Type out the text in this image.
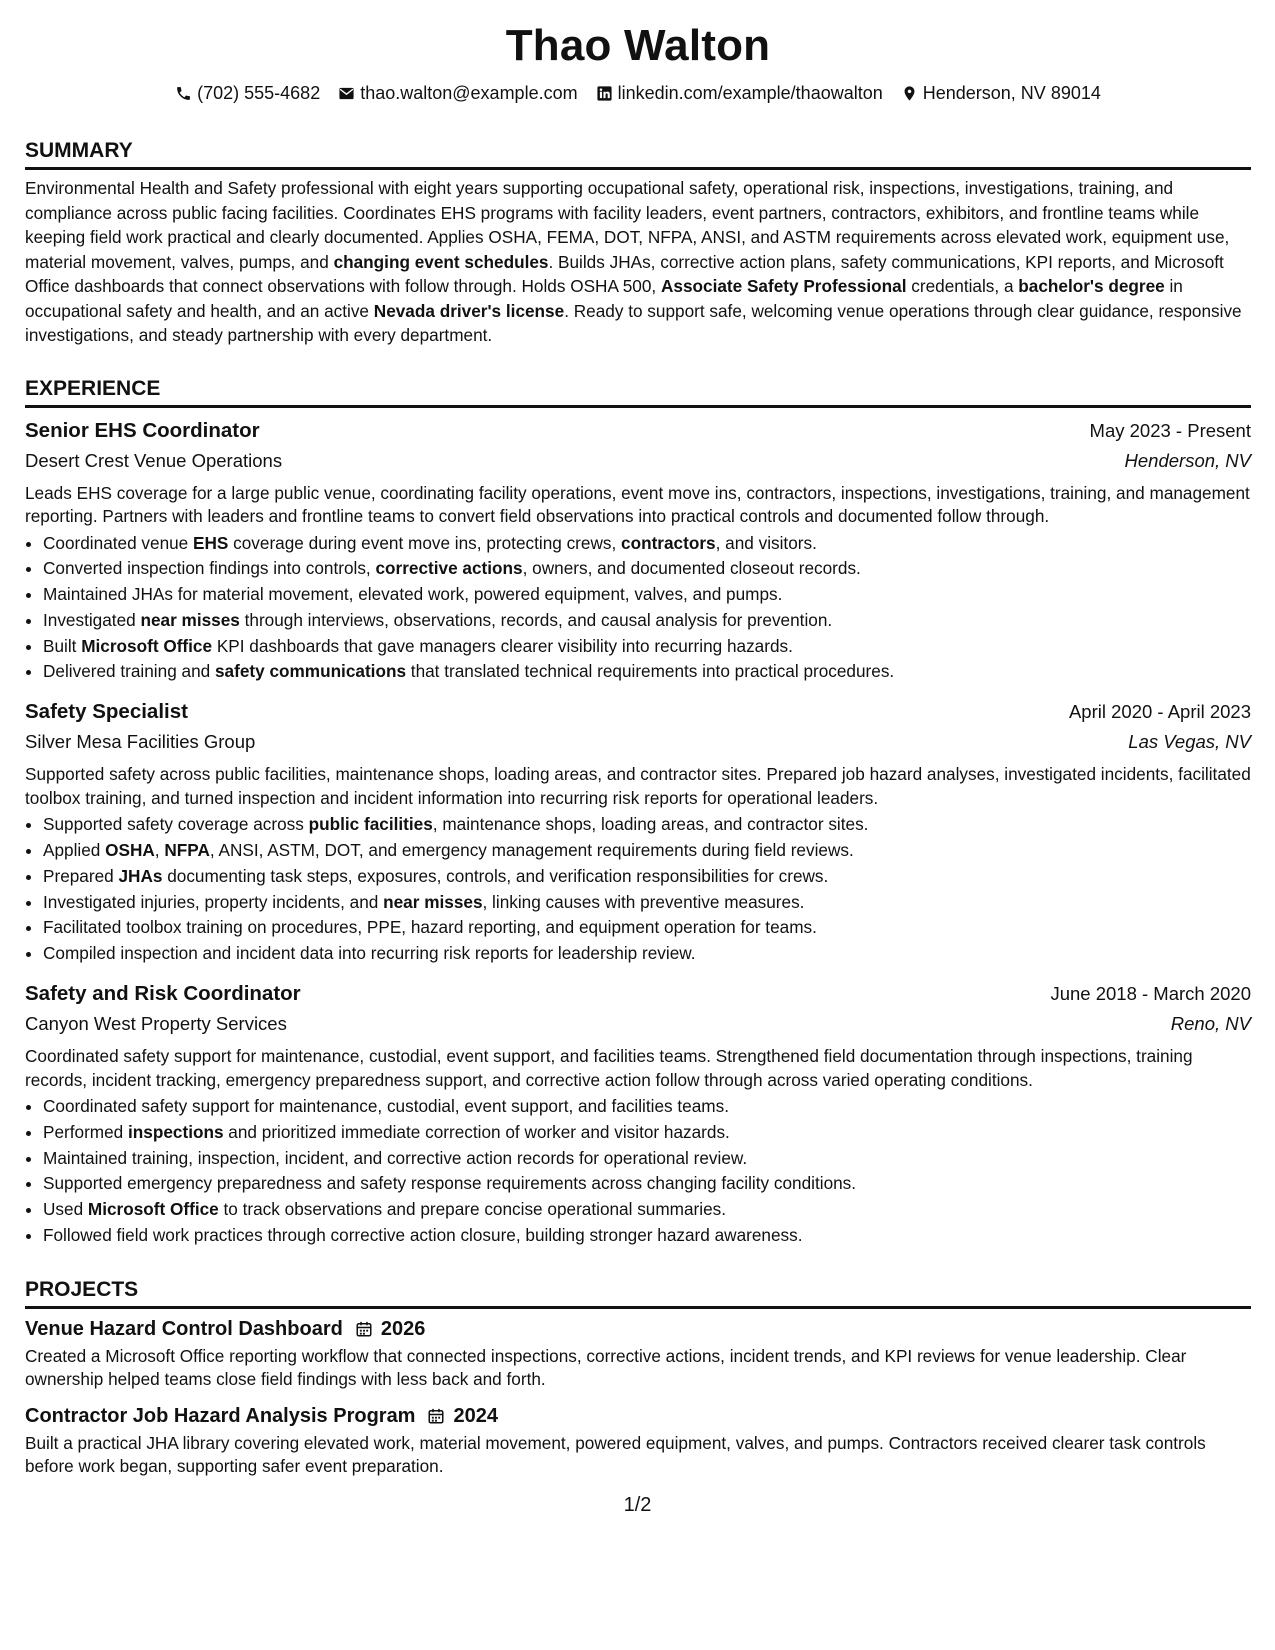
Thao Walton
(702) 555-4682 thao.walton@example.com linkedin.com/example/thaowalton Henderson, NV 89014
SUMMARY

Environmental Health and Safety professional with eight years supporting occupational safety, operational risk, inspections, investigations, training, and compliance across public facing facilities. Coordinates EHS programs with facility leaders, event partners, contractors, exhibitors, and frontline teams while keeping field work practical and clearly documented. Applies OSHA, FEMA, DOT, NFPA, ANSI, and ASTM requirements across elevated work, equipment use, material movement, valves, pumps, and changing event schedules. Builds JHAs, corrective action plans, safety communications, KPI reports, and Microsoft Office dashboards that connect observations with follow through. Holds OSHA 500, Associate Safety Professional credentials, a bachelor's degree in occupational safety and health, and an active Nevada driver's license. Ready to support safe, welcoming venue operations through clear guidance, responsive investigations, and steady partnership with every department.

EXPERIENCE
Senior EHS Coordinator	May 2023 - Present
Desert Crest Venue Operations	Henderson, NV

Leads EHS coverage for a large public venue, coordinating facility operations, event move ins, contractors, inspections, investigations, training, and management reporting. Partners with leaders and frontline teams to convert field observations into practical controls and documented follow through.

• Coordinated venue EHS coverage during event move ins, protecting crews, contractors, and visitors.
• Converted inspection findings into controls, corrective actions, owners, and documented closeout records.
• Maintained JHAs for material movement, elevated work, powered equipment, valves, and pumps.
• Investigated near misses through interviews, observations, records, and causal analysis for prevention.
• Built Microsoft Office KPI dashboards that gave managers clearer visibility into recurring hazards.
• Delivered training and safety communications that translated technical requirements into practical procedures.
Safety Specialist	April 2020 - April 2023
Silver Mesa Facilities Group	Las Vegas, NV

Supported safety across public facilities, maintenance shops, loading areas, and contractor sites. Prepared job hazard analyses, investigated incidents, facilitated toolbox training, and turned inspection and incident information into recurring risk reports for operational leaders.

• Supported safety coverage across public facilities, maintenance shops, loading areas, and contractor sites.
• Applied OSHA, NFPA, ANSI, ASTM, DOT, and emergency management requirements during field reviews.
• Prepared JHAs documenting task steps, exposures, controls, and verification responsibilities for crews.
• Investigated injuries, property incidents, and near misses, linking causes with preventive measures.
• Facilitated toolbox training on procedures, PPE, hazard reporting, and equipment operation for teams.
• Compiled inspection and incident data into recurring risk reports for leadership review.
Safety and Risk Coordinator	June 2018 - March 2020
Canyon West Property Services	Reno, NV

Coordinated safety support for maintenance, custodial, event support, and facilities teams. Strengthened field documentation through inspections, training records, incident tracking, emergency preparedness support, and corrective action follow through across varied operating conditions.

• Coordinated safety support for maintenance, custodial, event support, and facilities teams.
• Performed inspections and prioritized immediate correction of worker and visitor hazards.
• Maintained training, inspection, incident, and corrective action records for operational review.
• Supported emergency preparedness and safety response requirements across changing facility conditions.
• Used Microsoft Office to track observations and prepare concise operational summaries.
• Followed field work practices through corrective action closure, building stronger hazard awareness.
PROJECTS
Venue Hazard Control Dashboard 2026

Created a Microsoft Office reporting workflow that connected inspections, corrective actions, incident trends, and KPI reviews for venue leadership. Clear ownership helped teams close field findings with less back and forth.

Contractor Job Hazard Analysis Program 2024

Built a practical JHA library covering elevated work, material movement, powered equipment, valves, and pumps. Contractors received clearer task controls before work began, supporting safer event preparation.

1/2
